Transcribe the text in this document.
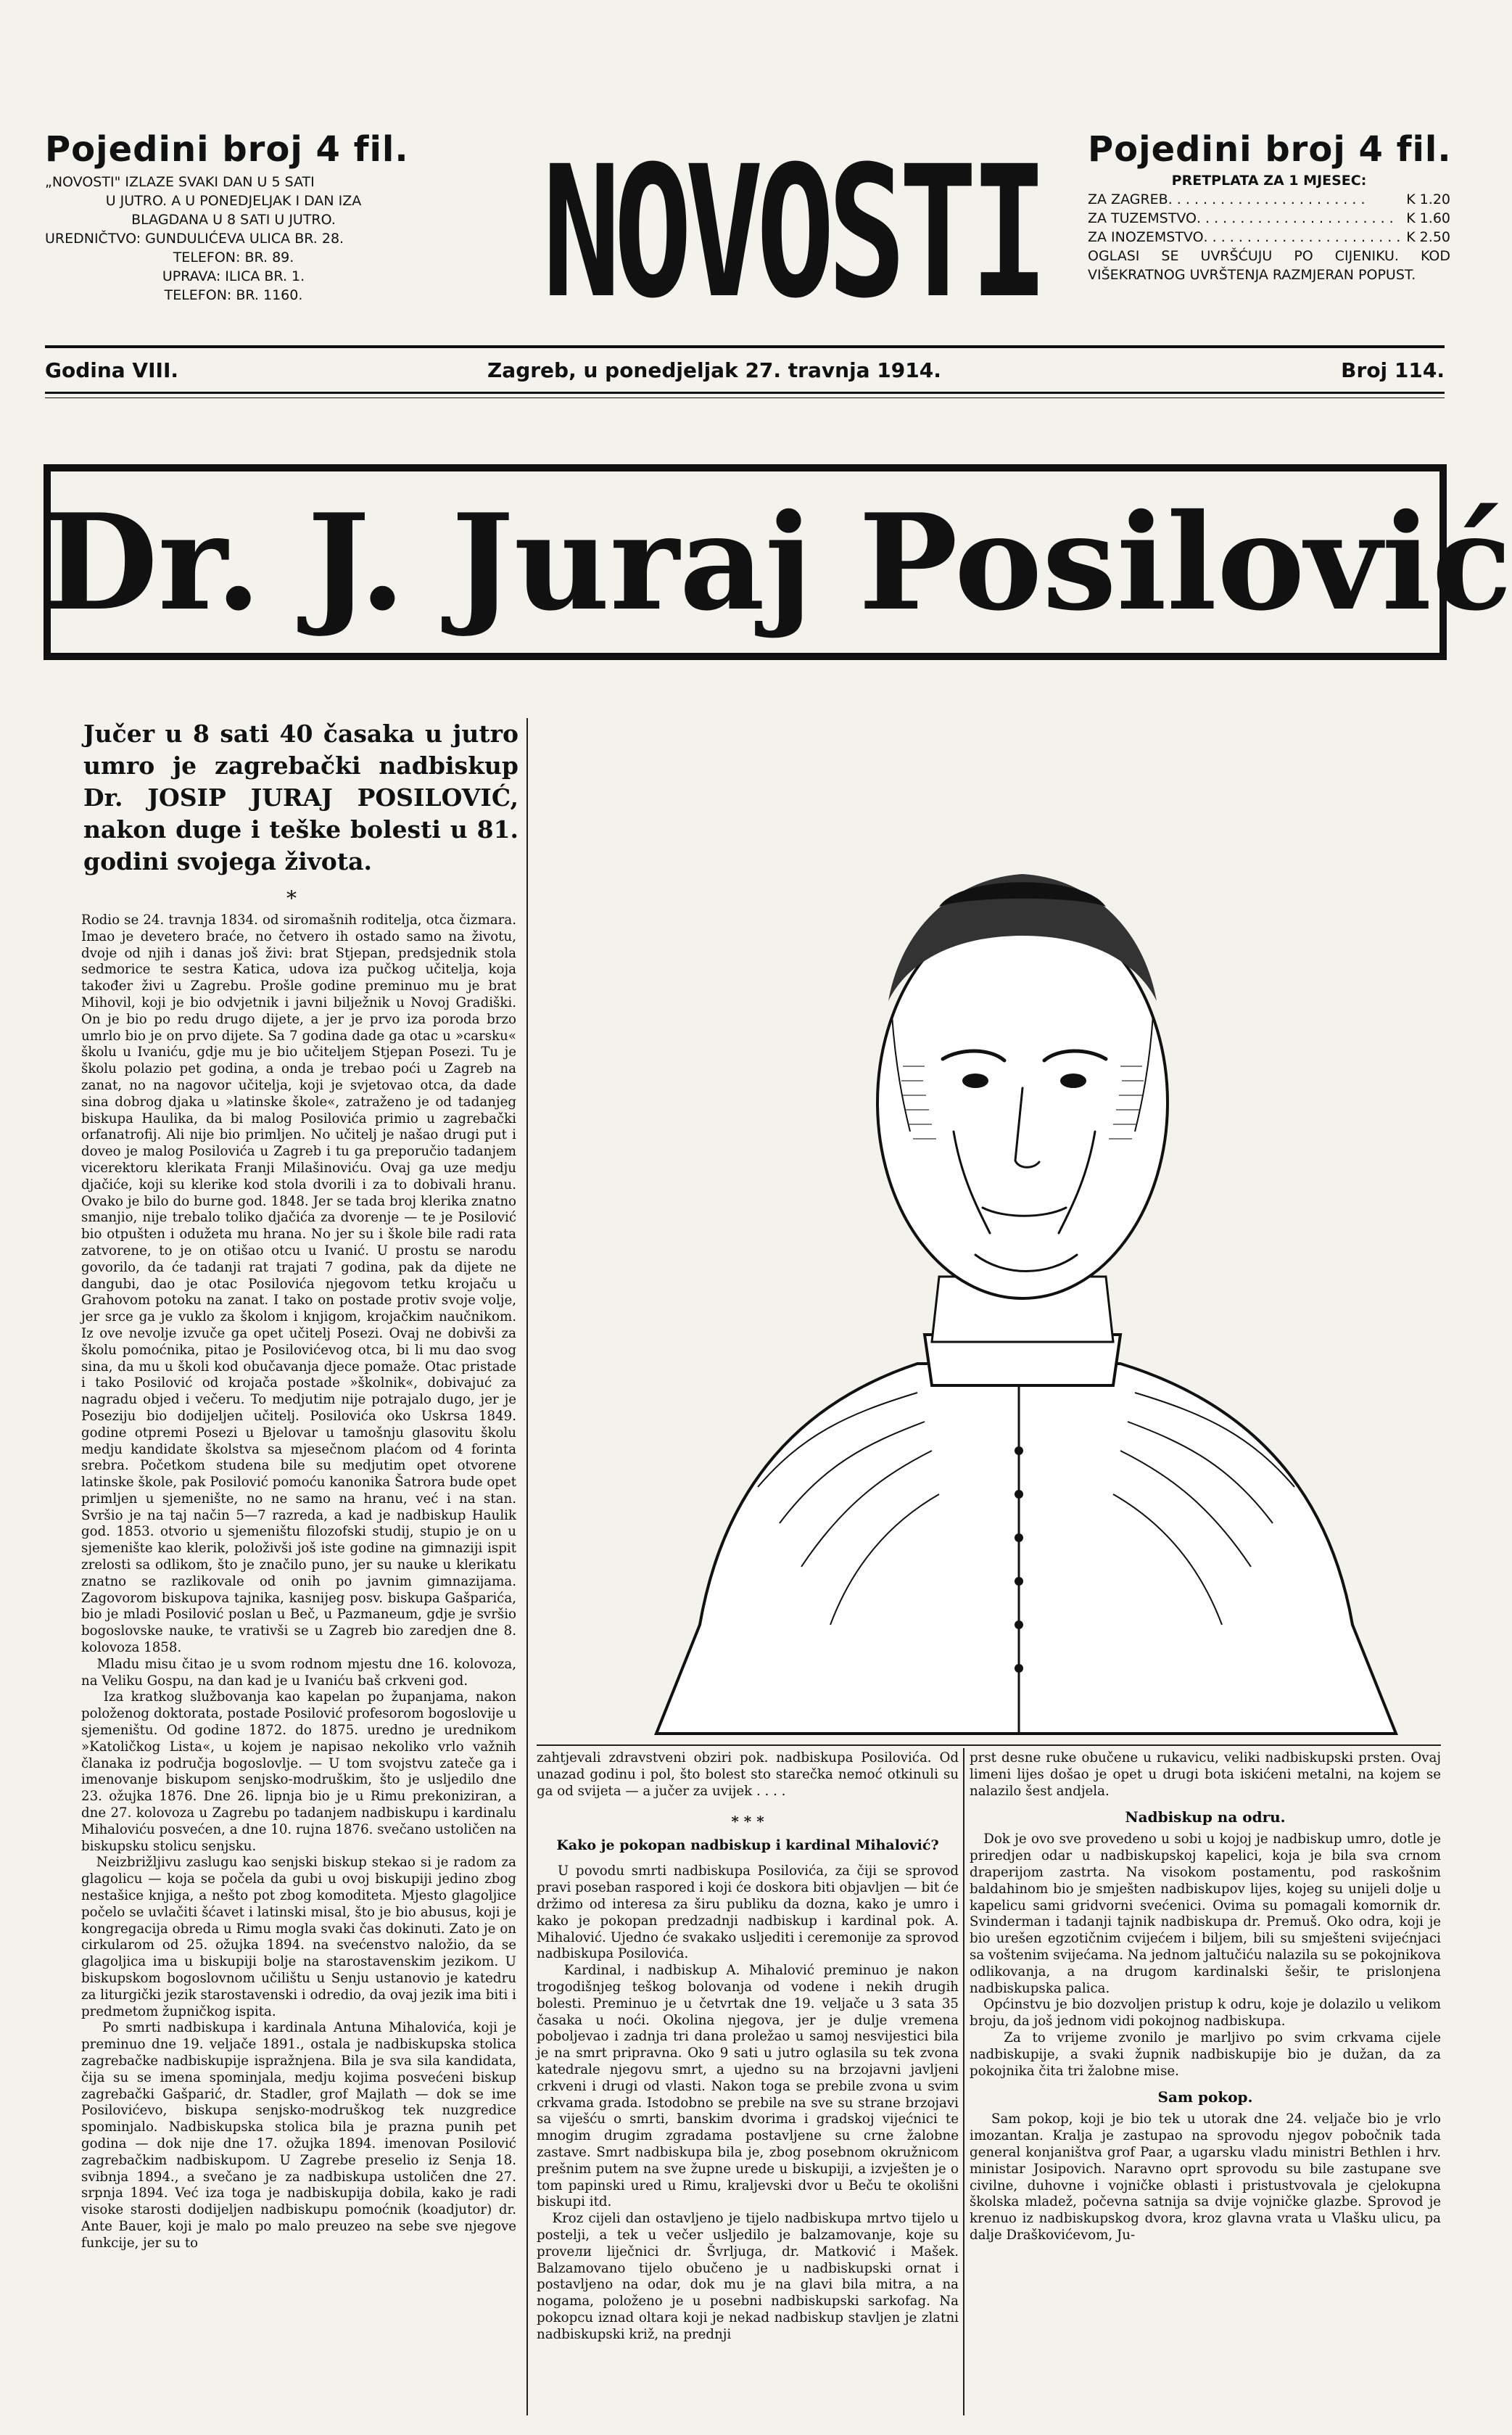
Pojedini broj 4 fil.	Pojedini broj 4 fil.
„NOVOSTI" IZLAZE SVAKI DAN U 5 SATI
U JUTRO. A U PONEDJELJAK I DAN IZA
BLAGDANA U 8 SATI U JUTRO.
UREDNIČTVO: GUNDULIĆEVA ULICA BR. 28.
TELEFON: BR. 89.
UPRAVA: ILICA BR. 1.
TELEFON: BR. 1160.	NOVOSTI	PRETPLATA ZA 1 MJESEC:
ZA ZAGREB . . .	K 1.20
ZA TUZEMSTVO . . .	K 1.60
ZA INOZEMSTVO . . .	K 2.50
OGLASI SE UVRŠĆUJU PO CIJENIKU. KOD VIŠEKRATNOG UVRŠTENJA RAZMJERAN POPUST.
Godina VIII.	Zagreb, u ponedjeljak 27. travnja 1914.	Broj 114.
Dr. J. Juraj Posilović
Jučer u 8 sati 40 časaka u jutro umro je zagrebački nadbiskup Dr. JOSIP JURAJ POSILOVIĆ, nakon duge i teške bolesti u 81. godini svojega života.
*
Rodio se 24. travnja 1834. od siromašnih roditelja, otca čizmara. Imao je devetero braće, no četvero ih ostado samo na životu, dvoje od njih i danas još živi: brat Stjepan, predsjednik stola sedmorice te sestra Katica, udova iza pučkog učitelja, koja također živi u Zagrebu. Prošle godine preminuo mu je brat Mihovil, koji je bio odvjetnik i javni bilježnik u Novoj Gradiški. On je bio po redu drugo dijete, a jer je prvo iza poroda brzo umrlo bio je on prvo dijete. Sa 7 godina dade ga otac u »carsku« školu u Ivaniću, gdje mu je bio učiteljem Stjepan Posezi. Tu je školu polazio pet godina, a onda je trebao poći u Zagreb na zanat, no na nagovor učitelja, koji je svjetovao otca, da dade sina dobrog djaka u »latinske škole«, zatraženo je od tadanjeg biskupa Haulika, da bi malog Posilovića primio u zagrebački orfanatrofij. Ali nije bio primljen. No učitelj je našao drugi put i doveo je malog Posilovića u Zagreb i tu ga preporučio tadanjem vicerektoru klerikata Franji Milašinoviću. Ovaj ga uze medju djačiće, koji su klerike kod stola dvorili i za to dobivali hranu. Ovako je bilo do burne god. 1848. Jer se tada broj klerika znatno smanjio, nije trebalo toliko djačića za dvorenje — te je Posilović bio otpušten i odužeta mu hrana. No jer su i škole bile radi rata zatvorene, to je on otišao otcu u Ivanić. U prostu se narodu govorilo, da će tadanji rat trajati 7 godina, pak da dijete ne dangubi, dao je otac Posilovića njegovom tetku krojaču u Grahovom potoku na zanat. I tako on postade protiv svoje volje, jer srce ga je vuklo za školom i knjigom, krojačkim naučnikom. Iz ove nevolje izvuče ga opet učitelj Posezi. Ovaj ne dobivši za školu pomoćnika, pitao je Posilovićevog otca, bi li mu dao svog sina, da mu u školi kod obučavanja djece pomaže. Otac pristade i tako Posilović od krojača postade »školnik«, dobivajuć za nagradu objed i večeru. To medjutim nije potrajalo dugo, jer je Poseziju bio dodijeljen učitelj. Posilovića oko Uskrsa 1849. godine otpremi Posezi u Bjelovar u tamošnju glasovitu školu medju kandidate školstva sa mjesečnom plaćom od 4 forinta srebra. Početkom studena bile su medjutim opet otvorene latinske škole, pak Posilović pomoću kanonika Šatrora bude opet primljen u sjemenište, no ne samo na hranu, već i na stan. Svršio je na taj način 5—7 razreda, a kad je nadbiskup Haulik god. 1853. otvorio u sjemeništu filozofski studij, stupio je on u sjemenište kao klerik, položivši još iste godine na gimnaziji ispit zrelosti sa odlikom, što je značilo puno, jer su nauke u klerikatu znatno se razlikovale od onih po javnim gimnazijama. Zagovorom biskupova tajnika, kasnijeg posv. biskupa Gašparića, bio je mladi Posilović poslan u Beč, u Pazmaneum, gdje je svršio bogoslovske nauke, te vrativši se u Zagreb bio zaredjen dne 8. kolovoza 1858.
Mladu misu čitao je u svom rodnom mjestu dne 16. kolovoza, na Veliku Gospu, na dan kad je u Ivaniću baš crkveni god.
Iza kratkog službovanja kao kapelan po županjama, nakon položenog doktorata, postade Posilović profesorom bogoslovije u sjemeništu. Od godine 1872. do 1875. uredno je urednikom »Katoličkog Lista«, u kojem je napisao nekoliko vrlo važnih članaka iz područja bogoslovlje. — U tom svojstvu zateče ga i imenovanje biskupom senjsko-modruškim, što je usljedilo dne 23. ožujka 1876. Dne 26. lipnja bio je u Rimu prekoniziran, a dne 27. kolovoza u Zagrebu po tadanjem nadbiskupu i kardinalu Mihaloviću posvećen, a dne 10. rujna 1876. svečano ustoličen na biskupsku stolicu senjsku.
Neizbrižljivu zaslugu kao senjski biskup stekao si je radom za glagolicu — koja se počela da gubi u ovoj biskupiji jedino zbog nestašice knjiga, a nešto pot zbog komoditeta. Mjesto glagoljice počelo se uvlačiti šćavet i latinski misal, što je bio abusus, koji je kongregacija obreda u Rimu mogla svaki čas dokinuti. Zato je on cirkularom od 25. ožujka 1894. na svećenstvo naložio, da se glagoljica ima u biskupiji bolje na starostavenskim jezikom. U biskupskom bogoslovnom učilištu u Senju ustanovio je katedru za liturgički jezik starostavenski i odredio, da ovaj jezik ima biti i predmetom župničkog ispita.
Po smrti nadbiskupa i kardinala Antuna Mihalovića, koji je preminuo dne 19. veljače 1891., ostala je nadbiskupska stolica zagrebačke nadbiskupije ispražnjena. Bila je sva sila kandidata, čija su se imena spominjala, medju kojima posvećeni biskup zagrebački Gašparić, dr. Stadler, grof Majlath — dok se ime Posilovićevo, biskupa senjsko-modruškog tek nuzgredice spominjalo. Nadbiskupska stolica bila je prazna punih pet godina — dok nije dne 17. ožujka 1894. imenovan Posilović zagrebačkim nadbiskupom. U Zagrebe preselio iz Senja 18. svibnja 1894., a svečano je za nadbiskupa ustoličen dne 27. srpnja 1894. Već iza toga je nadbiskupija dobila, kako je radi visoke starosti dodijeljen nadbiskupu pomoćnik (koadjutor) dr. Ante Bauer, koji je malo po malo preuzeo na sebe sve njegove funkcije, jer su to
zahtjevali zdravstveni obziri pok. nadbiskupa Posilovića. Od unazad godinu i pol, što bolest sto starečka nemoć otkinuli su ga od svijeta — a jučer za uvijek . . . .
* * *
Kako je pokopan nadbiskup i kardinal Mihalović?
U povodu smrti nadbiskupa Posilovića, za čiji se sprovod pravi poseban raspored i koji će doskora biti objavljen — bit će držimo od interesa za širu publiku da doznа, kako je umro i kako je pokopan predzadnji nadbiskup i kardinal pok. A. Mihalović. Ujedno će svakako usljediti i ceremonije za sprovod nadbiskupa Posilovića.
Kardinal, i nadbiskup A. Mihalović preminuo je nakon trogodišnjeg teškog bolovanja od vodene i nekih drugih bolesti. Preminuo je u četvrtak dne 19. veljače u 3 sata 35 časaka u noći. Okolina njegova, jer je dulje vremena poboljevao i zadnja tri dana proležao u samoj nesvijestici bila je na smrt pripravna. Oko 9 sati u jutro oglasila su tek zvona katedrale njegovu smrt, a ujedno su na brzojavni javljeni crkveni i drugi od vlasti. Nakon toga se prebile zvona u svim crkvama grada. Istodobno se prebile na sve su strane brzojavi sa viješću o smrti, banskim dvorima i gradskoj vijećnici te mnogim drugim zgradama postavljene su crne žalobne zastave. Smrt nadbiskupa bila je, zbog posebnom okružnicom prešnim putem na sve župne urede u biskupiji, a izvješten je o tom papinski ured u Rimu, kraljevski dvor u Beču te okolišni biskupi itd.
Kroz cijeli dan ostavljeno je tijelo nadbiskupa mrtvo tijelo u postelji, a tek u večer usljedilo je balzamovanje, koje su provели liječnici dr. Švrljuga, dr. Matković i Mašek. Balzamovano tijelo obučeno je u nadbiskupski ornat i postavljeno na odar, dok mu je na glavi bila mitra, a na nogama, položeno je u posebni nadbiskupski sarkofag. Na pokopcu iznad oltara koji je nekad nadbiskup stavljen je zlatni nadbiskupski križ, na prednji
prst desne ruke obučene u rukavicu, veliki nadbiskupski prsten. Ovaj limeni lijes došao je opet u drugi bota iskićeni metalni, na kojem se nalazilo šest andjela.
Nadbiskup na odru.
Dok je ovo sve provedeno u sobi u kojoj je nadbiskup umro, dotle je priredjen odar u nadbiskupskoj kapelici, koja je bila sva crnom draperijom zastrta. Na visokom postamentu, pod raskošnim baldahinom bio je smješten nadbiskupov lijes, kojeg su unijeli dolje u kapelicu sami gridvorni svećenici. Ovima su pomagali komornik dr. Svinderman i tadanji tajnik nadbiskupa dr. Premuš. Oko odra, koji je bio urešen egzotičnim cvijećem i biljem, bili su smješteni svijećnjaci sa voštenim svijećama. Na jednom jaltučiću nalazila su se pokojnikova odlikovanja, a na drugom kardinalski šešir, te prislonjena nadbiskupska palica.
Općinstvu je bio dozvoljen pristup k odru, koje je dolazilo u velikom broju, da još jednom vidi pokojnog nadbiskupa.
Za to vrijeme zvonilo je marljivo po svim crkvama cijele nadbiskupije, a svaki župnik nadbiskupije bio je dužan, da za pokojnika čita tri žalobne mise.
Sam pokop.
Sam pokop, koji je bio tek u utorak dne 24. veljače bio je vrlo imozantan. Kralja je zastupao na sprovodu njegov pobočnik tada general konjaništva grof Paar, a ugarsku vladu ministri Bethlen i hrv. ministar Josipovich. Naravno oprt sprovodu su bile zastupane sve civilne, duhovne i vojničke oblasti i pristustvovala je cjelokupna školska mladež, počevna satnija sa dvije vojničke glazbe. Sprovod je krenuo iz nadbiskupskog dvora, kroz glavna vrata u Vlašku ulicu, pa dalje Draškovićevom, Ju-
